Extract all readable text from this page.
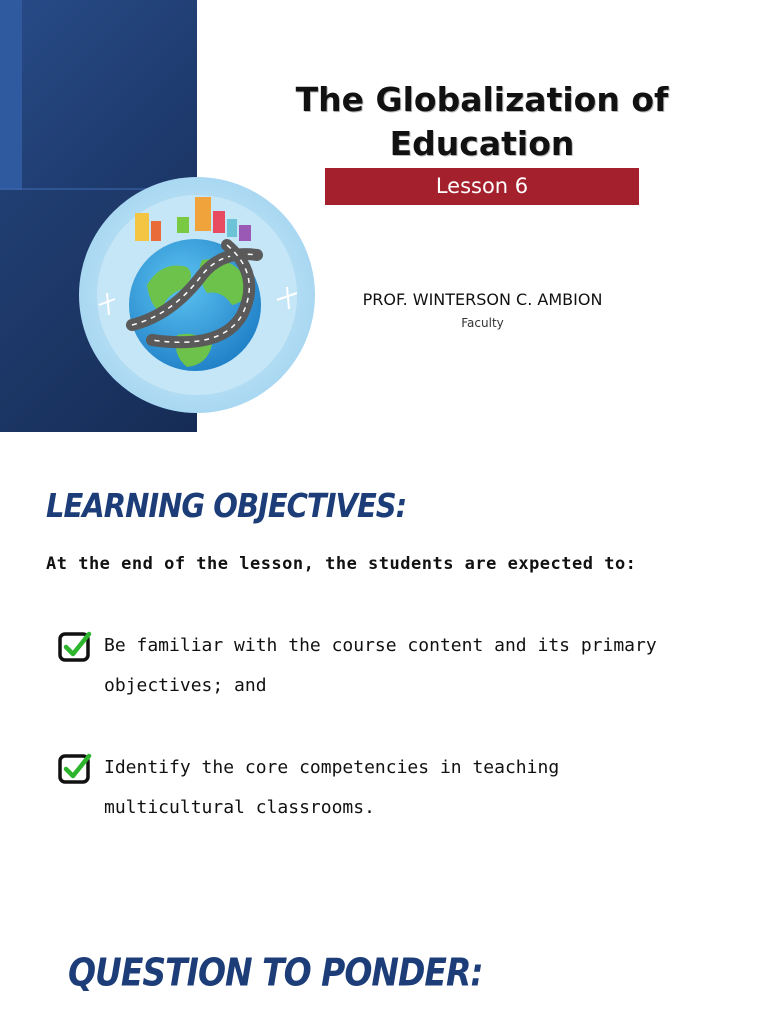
The Globalization of Education
Lesson 6
PROF. WINTERSON C. AMBION
Faculty
LEARNING OBJECTIVES:
At the end of the lesson, the students are expected to:
Be familiar with the course content and its primary objectives; and
Identify the core competencies in teaching multicultural classrooms.
QUESTION TO PONDER:
